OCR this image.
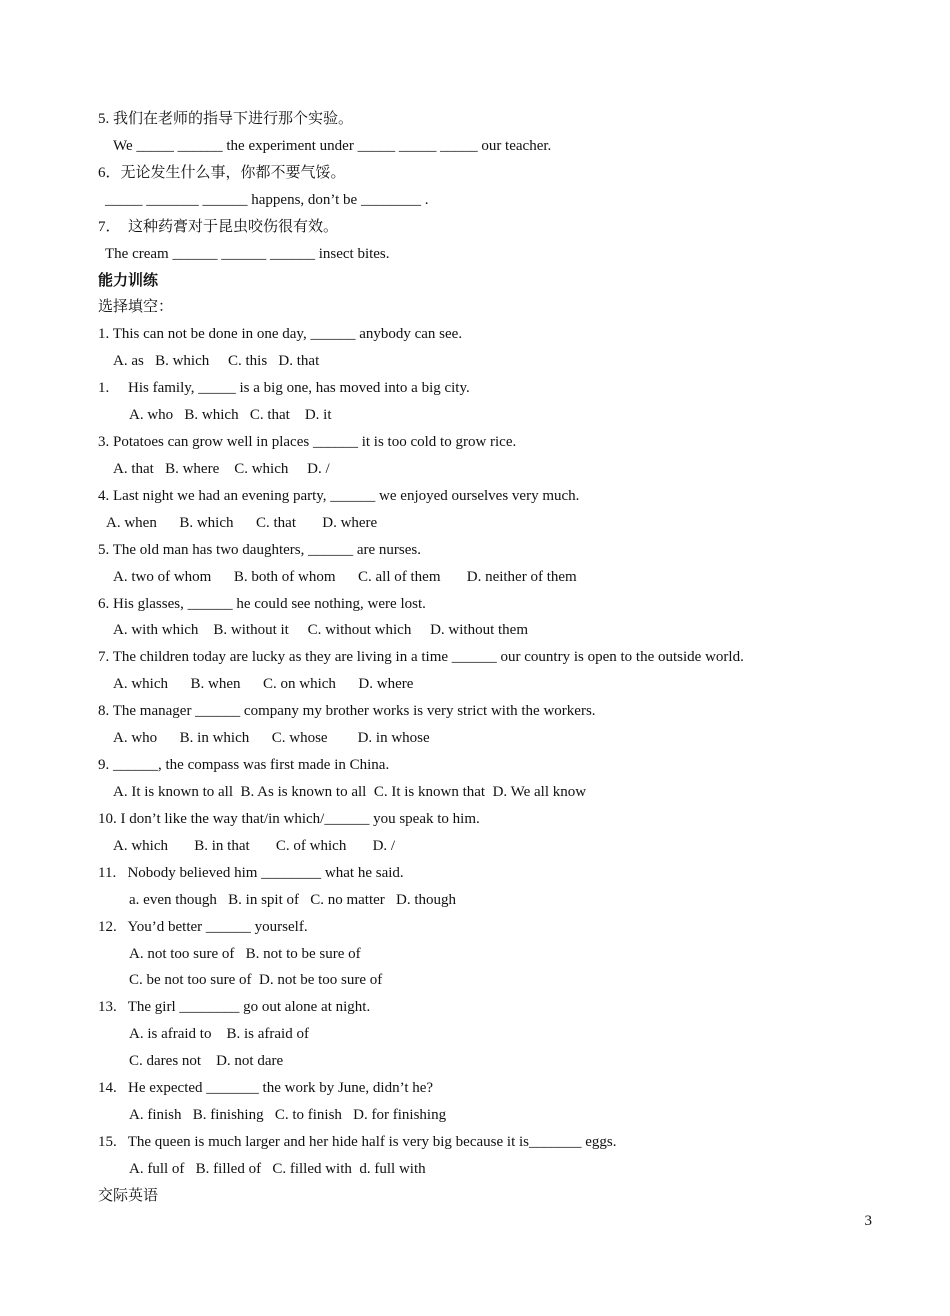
5. 我们在老师的指导下进行那个实验。
We _____ ______ the experiment under _____ _____ _____ our teacher.
6．无论发生什么事，你都不要气馁。
_____ _______ ______ happens, don’t be ________ .
7．  这种药膏对于昆虫咬伤很有效。
The cream ______ ______ ______ insect bites.
能力训练
选择填空：
1. This can not be done in one day, ______ anybody can see.
A. as   B. which     C. this   D. that
1.     His family, _____ is a big one, has moved into a big city.
A. who   B. which   C. that    D. it
3. Potatoes can grow well in places ______ it is too cold to grow rice.
A. that   B. where    C. which     D. /
4. Last night we had an evening party, ______ we enjoyed ourselves very much.
A. when      B. which      C. that       D. where
5. The old man has two daughters, ______ are nurses.
A. two of whom      B. both of whom      C. all of them       D. neither of them
6. His glasses, ______ he could see nothing, were lost.
A. with which    B. without it     C. without which     D. without them
7. The children today are lucky as they are living in a time ______ our country is open to the outside world.
A. which      B. when      C. on which      D. where
8. The manager ______ company my brother works is very strict with the workers.
A. who      B. in which      C. whose        D. in whose
9. ______, the compass was first made in China.
A. It is known to all  B. As is known to all  C. It is known that  D. We all know
10. I don’t like the way that/in which/______ you speak to him.
A. which       B. in that       C. of which       D. /
11.   Nobody believed him ________ what he said.
a. even though   B. in spit of   C. no matter   D. though
12.   You’d better ______ yourself.
A. not too sure of   B. not to be sure of
C. be not too sure of  D. not be too sure of
13.   The girl ________ go out alone at night.
A. is afraid to    B. is afraid of
C. dares not    D. not dare
14.   He expected _______ the work by June, didn’t he?
A. finish   B. finishing   C. to finish   D. for finishing
15.   The queen is much larger and her hide half is very big because it is_______ eggs.
A. full of   B. filled of   C. filled with  d. full with
交际英语
3
